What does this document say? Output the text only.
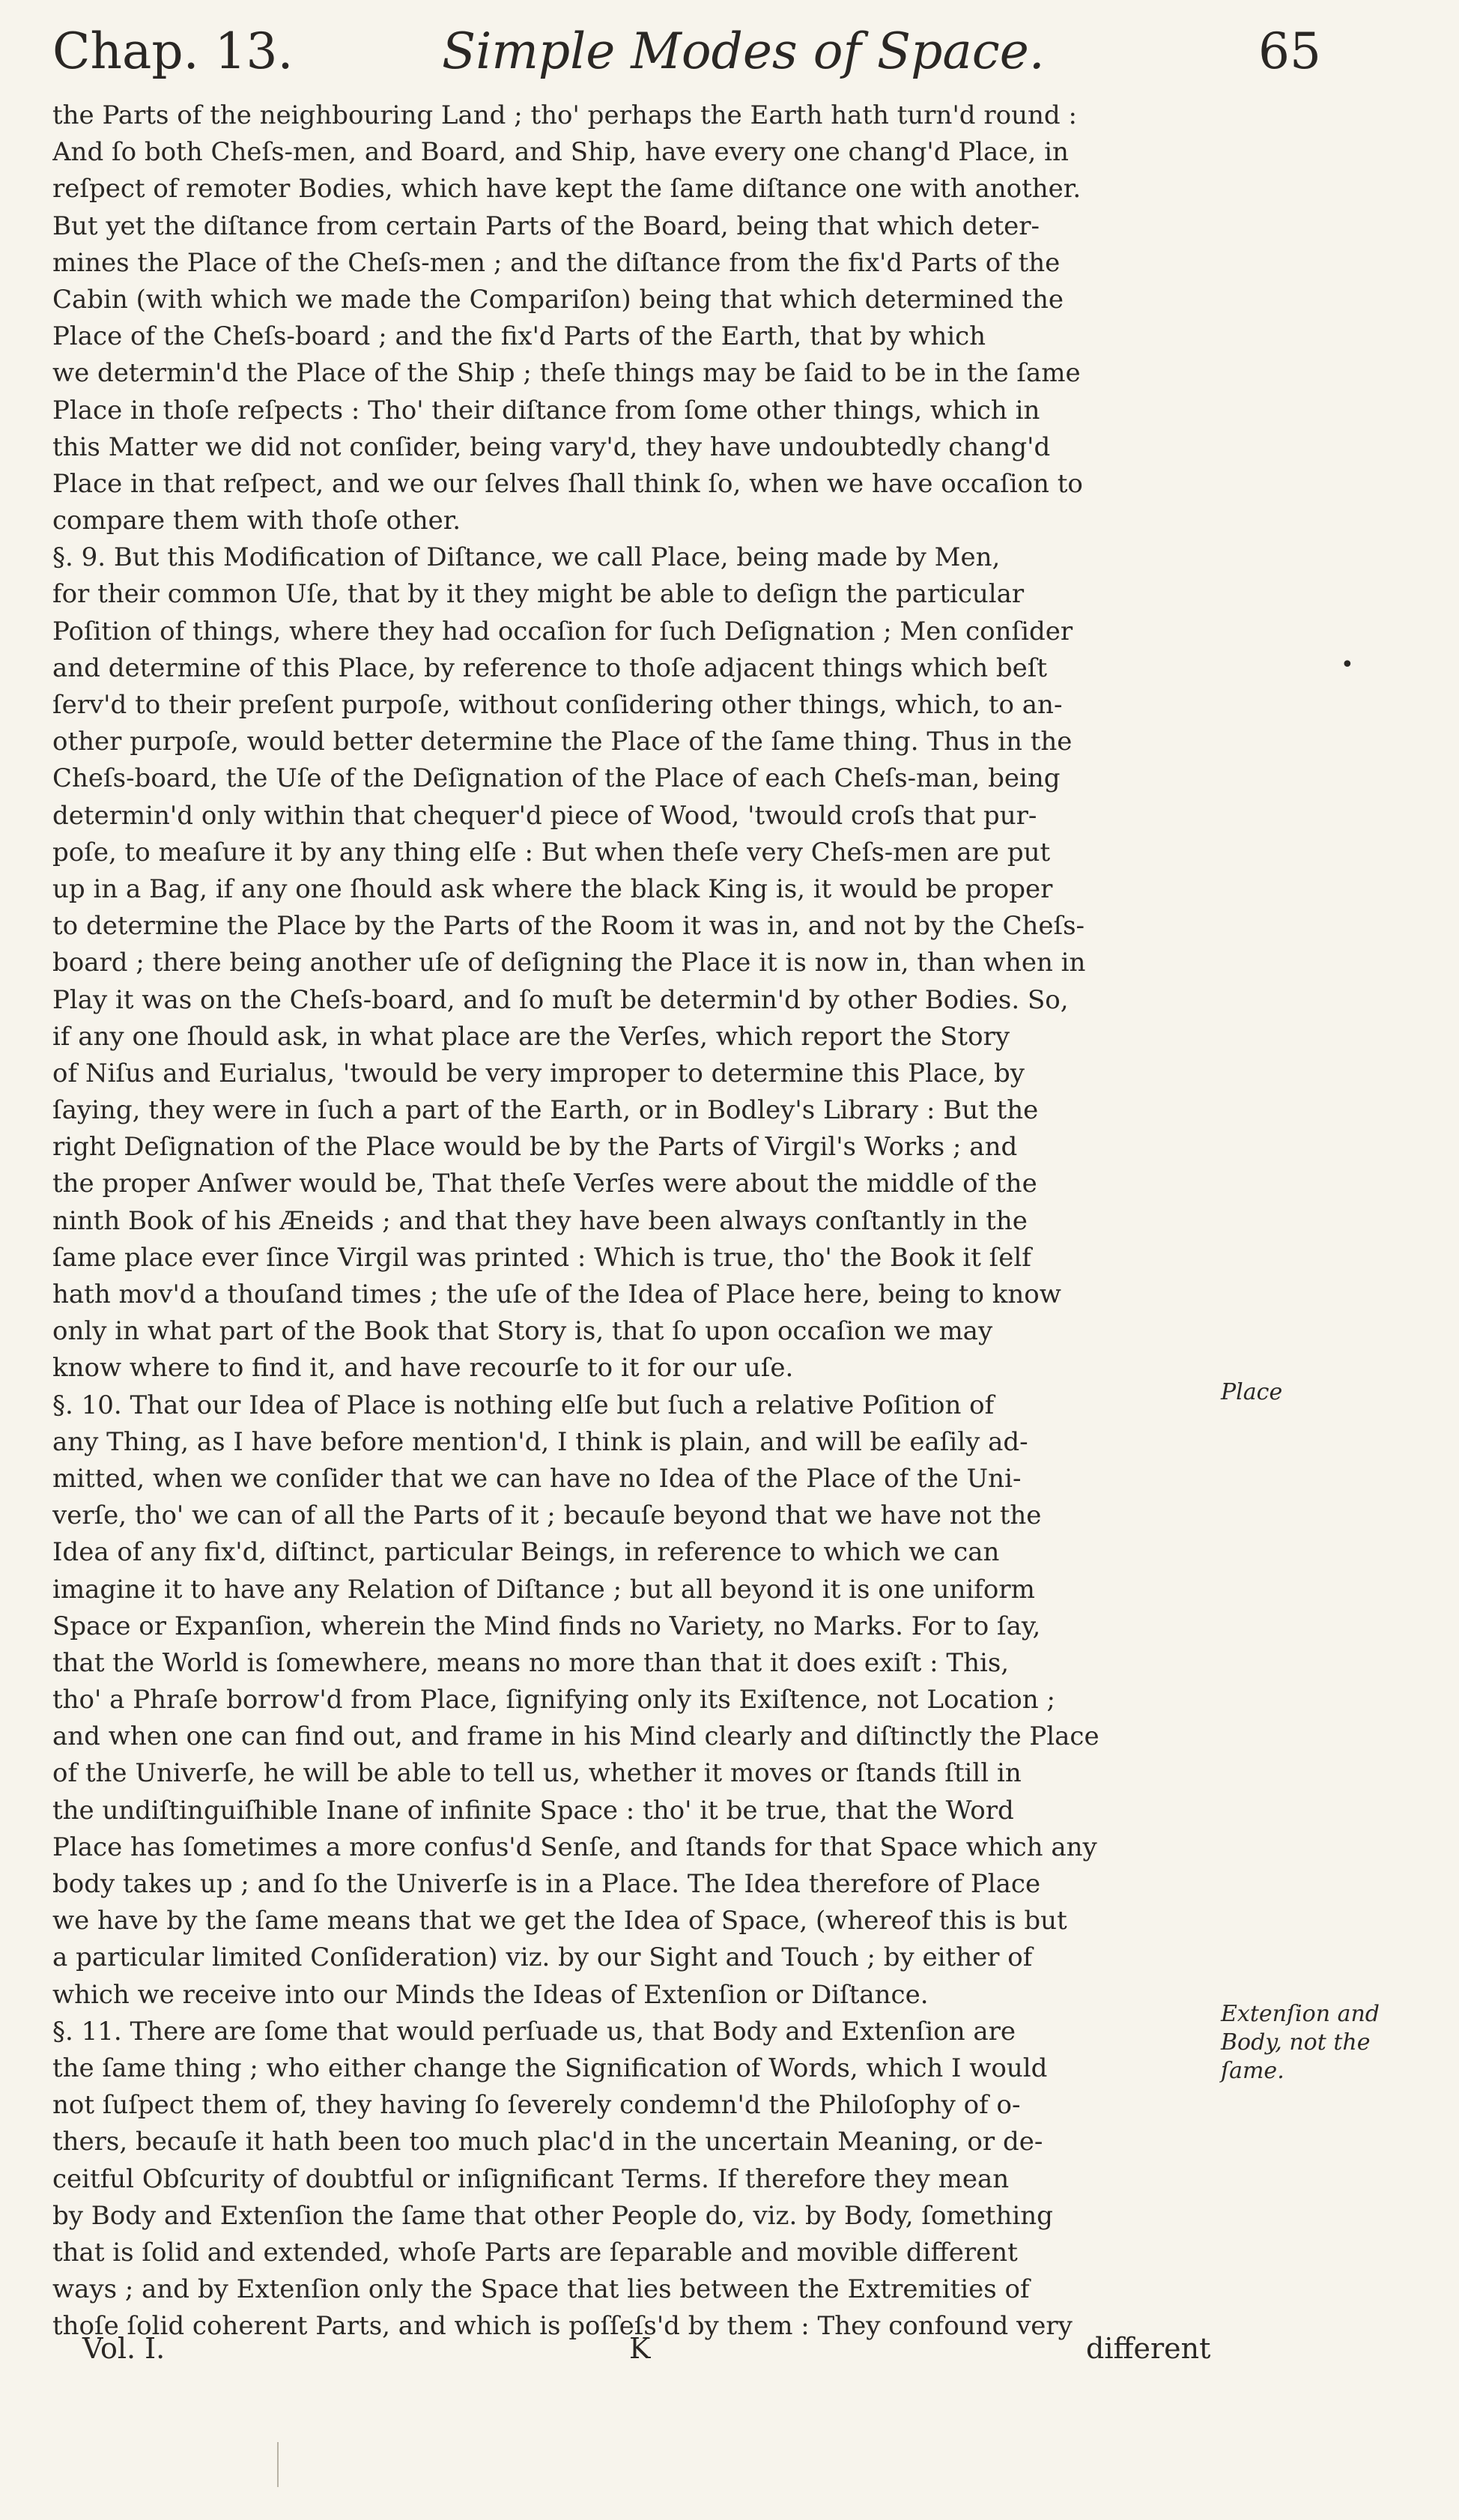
Chap. 13.	Simple Modes of Space.	65
the Parts of the neighbouring Land ; tho' perhaps the Earth hath turn'd round :
And ſo both Cheſs-men, and Board, and Ship, have every one chang'd Place, in
reſpect of remoter Bodies, which have kept the ſame diſtance one with another.
But yet the diſtance from certain Parts of the Board, being that which deter-
mines the Place of the Cheſs-men ; and the diſtance from the fix'd Parts of the
Cabin (with which we made the Compariſon) being that which determined the
Place of the Cheſs-board ; and the fix'd Parts of the Earth, that by which
we determin'd the Place of the Ship ; theſe things may be ſaid to be in the ſame
Place in thoſe reſpects : Tho' their diſtance from ſome other things, which in
this Matter we did not conſider, being vary'd, they have undoubtedly chang'd
Place in that reſpect, and we our ſelves ſhall think ſo, when we have occaſion to
compare them with thoſe other.
§. 9. But this Modification of Diſtance, we call Place, being made by Men,
for their common Uſe, that by it they might be able to deſign the particular
Poſition of things, where they had occaſion for ſuch Deſignation ; Men conſider
and determine of this Place, by reference to thoſe adjacent things which beſt
ſerv'd to their preſent purpoſe, without conſidering other things, which, to an-
other purpoſe, would better determine the Place of the ſame thing. Thus in the
Cheſs-board, the Uſe of the Deſignation of the Place of each Cheſs-man, being
determin'd only within that chequer'd piece of Wood, 'twould croſs that pur-
poſe, to meaſure it by any thing elſe : But when theſe very Cheſs-men are put
up in a Bag, if any one ſhould ask where the black King is, it would be proper
to determine the Place by the Parts of the Room it was in, and not by the Cheſs-
board ; there being another uſe of deſigning the Place it is now in, than when in
Play it was on the Cheſs-board, and ſo muſt be determin'd by other Bodies. So,
if any one ſhould ask, in what place are the Verſes, which report the Story
of Niſus and Eurialus, 'twould be very improper to determine this Place, by
ſaying, they were in ſuch a part of the Earth, or in Bodley's Library : But the
right Deſignation of the Place would be by the Parts of Virgil's Works ; and
the proper Anſwer would be, That theſe Verſes were about the middle of the
ninth Book of his Æneids ; and that they have been always conſtantly in the
ſame place ever ſince Virgil was printed : Which is true, tho' the Book it ſelf
hath mov'd a thouſand times ; the uſe of the Idea of Place here, being to know
only in what part of the Book that Story is, that ſo upon occaſion we may
know where to find it, and have recourſe to it for our uſe.
§. 10. That our Idea of Place is nothing elſe but ſuch a relative Poſition of
any Thing, as I have before mention'd, I think is plain, and will be eaſily ad-
mitted, when we conſider that we can have no Idea of the Place of the Uni-
verſe, tho' we can of all the Parts of it ; becauſe beyond that we have not the
Idea of any fix'd, diſtinct, particular Beings, in reference to which we can
imagine it to have any Relation of Diſtance ; but all beyond it is one uniform
Space or Expanſion, wherein the Mind finds no Variety, no Marks. For to ſay,
that the World is ſomewhere, means no more than that it does exiſt : This,
tho' a Phraſe borrow'd from Place, ſignifying only its Exiſtence, not Location ;
and when one can find out, and frame in his Mind clearly and diſtinctly the Place
of the Univerſe, he will be able to tell us, whether it moves or ſtands ſtill in
the undiſtinguiſhible Inane of infinite Space : tho' it be true, that the Word
Place has ſometimes a more confus'd Senſe, and ſtands for that Space which any
body takes up ; and ſo the Univerſe is in a Place. The Idea therefore of Place
we have by the ſame means that we get the Idea of Space, (whereof this is but
a particular limited Conſideration) viz. by our Sight and Touch ; by either of
which we receive into our Minds the Ideas of Extenſion or Diſtance.
§. 11. There are ſome that would perſuade us, that Body and Extenſion are
the ſame thing ; who either change the Signification of Words, which I would
not ſuſpect them of, they having ſo ſeverely condemn'd the Philoſophy of o-
thers, becauſe it hath been too much plac'd in the uncertain Meaning, or de-
ceitful Obſcurity of doubtful or inſignificant Terms. If therefore they mean
by Body and Extenſion the ſame that other People do, viz. by Body, ſomething
that is ſolid and extended, whoſe Parts are ſeparable and movible different
ways ; and by Extenſion only the Space that lies between the Extremities of
thoſe ſolid coherent Parts, and which is poſſeſs'd by them : They confound very
Place
Extenſion and
Body, not the
ſame.
•
Vol. I.	K	different
